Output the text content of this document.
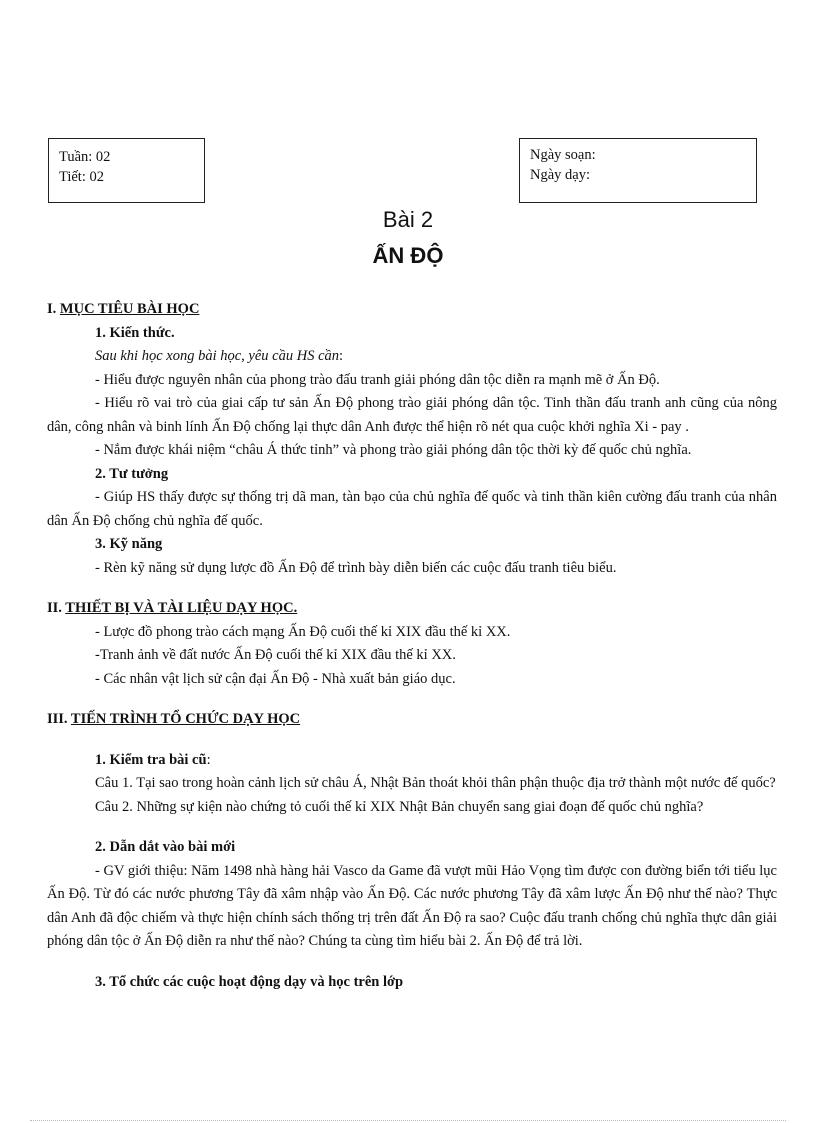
Tuần: 02
Tiết: 02
Ngày soạn:
Ngày dạy:
Bài 2
ẤN ĐỘ

I. MỤC TIÊU BÀI HỌC

1. Kiến thức.

Sau khi học xong bài học, yêu cầu HS cần:

- Hiểu được nguyên nhân của phong trào đấu tranh giải phóng dân tộc diễn ra mạnh mẽ ở Ấn Độ.

- Hiểu rõ vai trò của giai cấp tư sản Ấn Độ phong trào giải phóng dân tộc. Tinh thần đấu tranh anh cũng của nông dân, công nhân và binh lính Ấn Độ chống lại thực dân Anh được thể hiện rõ nét qua cuộc khởi nghĩa Xi - pay .

- Nắm được khái niệm “châu Á thức tỉnh” và phong trào giải phóng dân tộc thời kỳ đế quốc chủ nghĩa.

2. Tư tưởng

- Giúp HS thấy được sự thống trị dã man, tàn bạo của chủ nghĩa đế quốc và tinh thần kiên cường đấu tranh của nhân dân Ấn Độ chống chủ nghĩa đế quốc.

3. Kỹ năng

- Rèn kỹ năng sử dụng lược đồ Ấn Độ để trình bày diễn biến các cuộc đấu tranh tiêu biểu.

II. THIẾT BỊ VÀ TÀI LIỆU DẠY HỌC.

- Lược đồ phong trào cách mạng Ấn Độ cuối thế kỉ XIX đầu thế kỉ XX.

-Tranh ảnh về đất nước Ấn Độ cuối thế kỉ XIX đầu thế kỉ XX.

- Các nhân vật lịch sử cận đại Ấn Độ - Nhà xuất bản giáo dục.

III. TIẾN TRÌNH TỔ CHỨC DẠY HỌC

1. Kiểm tra bài cũ:

Câu 1. Tại sao trong hoàn cảnh lịch sử châu Á, Nhật Bản thoát khỏi thân phận thuộc địa trở thành một nước đế quốc?

Câu 2. Những sự kiện nào chứng tỏ cuối thế kỉ XIX Nhật Bản chuyển sang giai đoạn đế quốc chủ nghĩa?

2. Dẫn dắt vào bài mới

- GV giới thiệu: Năm 1498 nhà hàng hải Vasco da Game đã vượt mũi Hảo Vọng tìm được con đường biển tới tiểu lục Ấn Độ. Từ đó các nước phương Tây đã xâm nhập vào Ấn Độ. Các nước phương Tây đã xâm lược Ấn Độ như thế nào? Thực dân Anh đã độc chiếm và thực hiện chính sách thống trị trên đất Ấn Độ ra sao? Cuộc đấu tranh chống chủ nghĩa thực dân giải phóng dân tộc ở Ấn Độ diễn ra như thế nào? Chúng ta cùng tìm hiểu bài 2. Ấn Độ để trả lời.

3. Tổ chức các cuộc hoạt động dạy và học trên lớp
